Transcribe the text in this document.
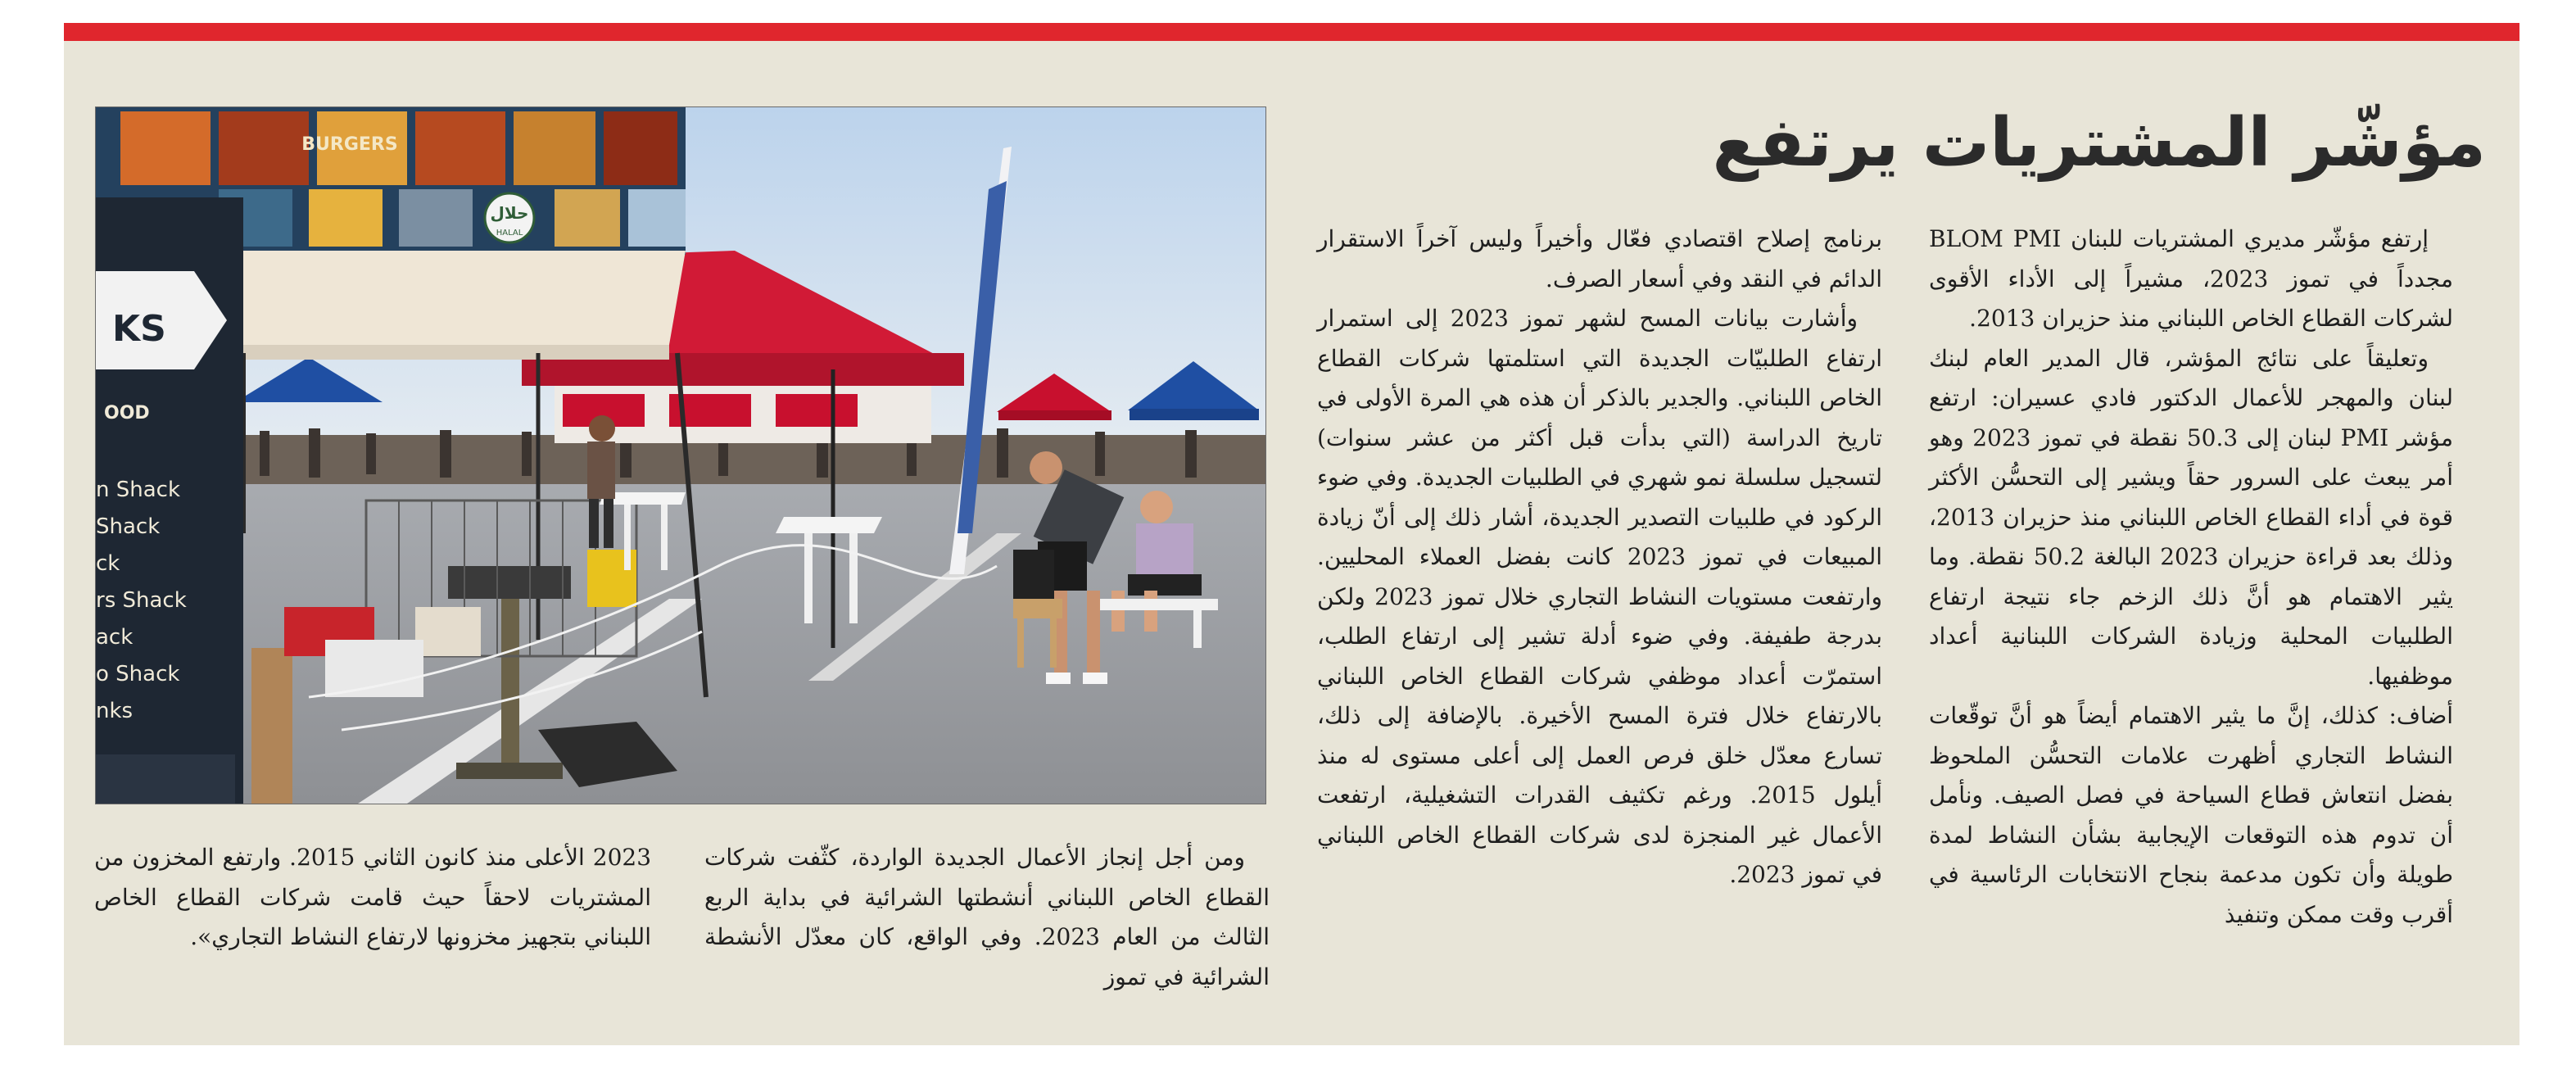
مؤشّر المشتريات يرتفع
BURGERS
حلال
HALAL
KS
OOD
n Shack
Shack
ck
rs Shack
ack
o Shack
nks

إرتفع مؤشّر مديري المشتريات للبنان BLOM PMI مجدداً في تموز 2023، مشيراً إلى الأداء الأقوى لشركات القطاع الخاص اللبناني منذ حزيران 2013.

وتعليقاً على نتائج المؤشر، قال المدير العام لبنك لبنان والمهجر للأعمال الدكتور فادي عسيران: ارتفع مؤشر PMI لبنان إلى 50.3 نقطة في تموز 2023 وهو أمر يبعث على السرور حقاً ويشير إلى التحسُّن الأكثر قوة في أداء القطاع الخاص اللبناني منذ حزيران 2013، وذلك بعد قراءة حزيران 2023 البالغة 50.2 نقطة. وما يثير الاهتمام هو أنَّ ذلك الزخم جاء نتيجة ارتفاع الطلبيات المحلية وزيادة الشركات اللبنانية أعداد موظفيها.

أضاف: كذلك، إنَّ ما يثير الاهتمام أيضاً هو أنَّ توقّعات النشاط التجاري أظهرت علامات التحسُّن الملحوظ بفضل انتعاش قطاع السياحة في فصل الصيف. ونأمل أن تدوم هذه التوقعات الإيجابية بشأن النشاط لمدة طويلة وأن تكون مدعمة بنجاح الانتخابات الرئاسية في أقرب وقت ممكن وتنفيذ

برنامج إصلاح اقتصادي فعّال وأخيراً وليس آخراً الاستقرار الدائم في النقد وفي أسعار الصرف.

وأشارت بيانات المسح لشهر تموز 2023 إلى استمرار ارتفاع الطلبيّات الجديدة التي استلمتها شركات القطاع الخاص اللبناني. والجدير بالذكر أن هذه هي المرة الأولى في تاريخ الدراسة (التي بدأت قبل أكثر من عشر سنوات) لتسجيل سلسلة نمو شهري في الطلبيات الجديدة. وفي ضوء الركود في طلبيات التصدير الجديدة، أشار ذلك إلى أنّ زيادة المبيعات في تموز 2023 كانت بفضل العملاء المحليين. وارتفعت مستويات النشاط التجاري خلال تموز 2023 ولكن بدرجة طفيفة. وفي ضوء أدلة تشير إلى ارتفاع الطلب، استمرّت أعداد موظفي شركات القطاع الخاص اللبناني بالارتفاع خلال فترة المسح الأخيرة. بالإضافة إلى ذلك، تسارع معدّل خلق فرص العمل إلى أعلى مستوى له منذ أيلول 2015. ورغم تكثيف القدرات التشغيلية، ارتفعت الأعمال غير المنجزة لدى شركات القطاع الخاص اللبناني في تموز 2023.

ومن أجل إنجاز الأعمال الجديدة الواردة، كثّفت شركات القطاع الخاص اللبناني أنشطتها الشرائية في بداية الربع الثالث من العام 2023. وفي الواقع، كان معدّل الأنشطة الشرائية في تموز

2023 الأعلى منذ كانون الثاني 2015. وارتفع المخزون من المشتريات لاحقاً حيث قامت شركات القطاع الخاص اللبناني بتجهيز مخزونها لارتفاع النشاط التجاري».
